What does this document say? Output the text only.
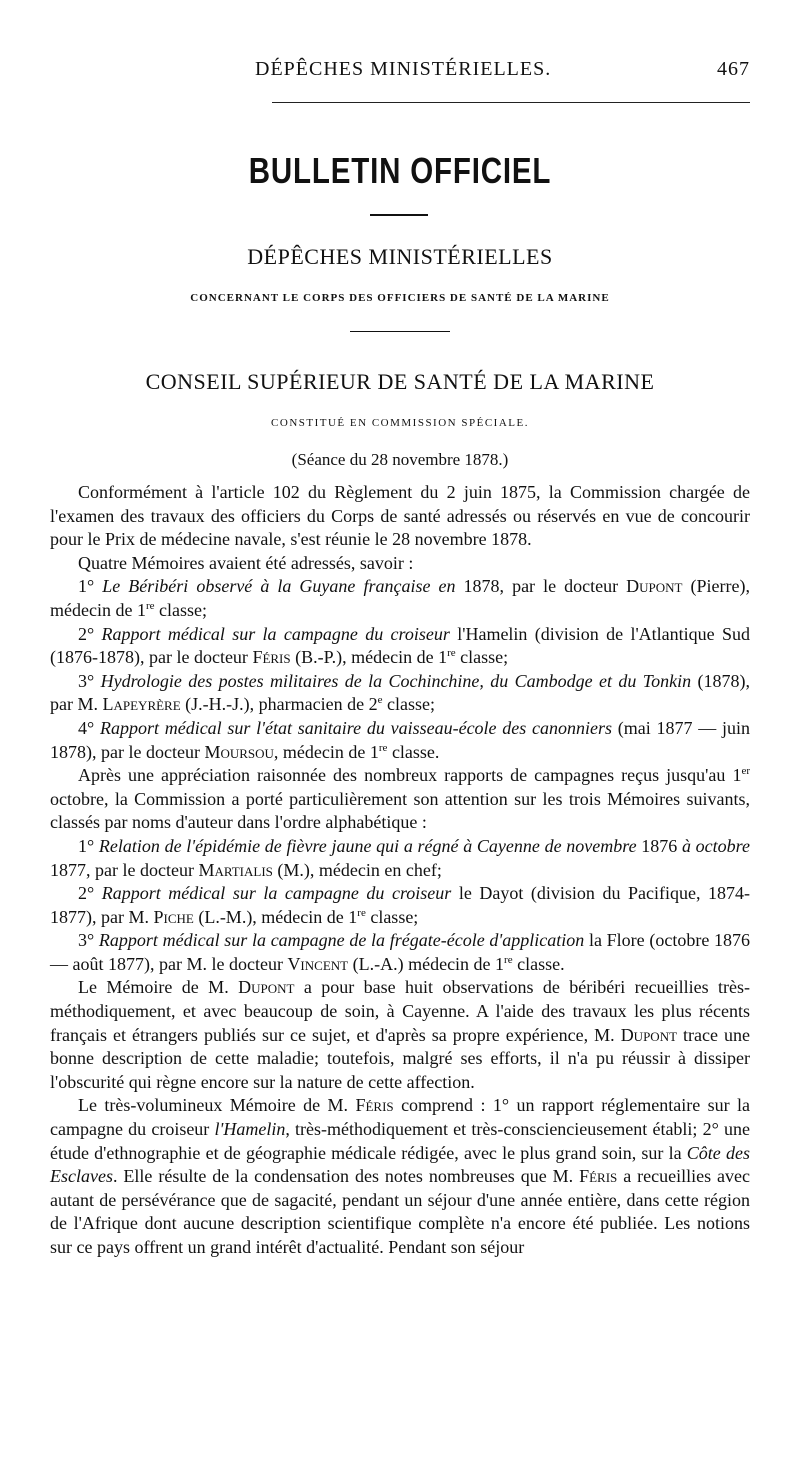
DÉPÊCHES MINISTÉRIELLES.	467
BULLETIN OFFICIEL
DÉPÊCHES MINISTÉRIELLES
CONCERNANT LE CORPS DES OFFICIERS DE SANTÉ DE LA MARINE
CONSEIL SUPÉRIEUR DE SANTÉ DE LA MARINE
CONSTITUÉ EN COMMISSION SPÉCIALE.
(Séance du 28 novembre 1878.)

Conformément à l'article 102 du Règlement du 2 juin 1875, la Commission chargée de l'examen des travaux des officiers du Corps de santé adressés ou réservés en vue de concourir pour le Prix de médecine navale, s'est réunie le 28 novembre 1878.

Quatre Mémoires avaient été adressés, savoir :

1° Le Béribéri observé à la Guyane française en 1878, par le docteur Dupont (Pierre), médecin de 1re classe;

2° Rapport médical sur la campagne du croiseur l'Hamelin (division de l'Atlantique Sud (1876-1878), par le docteur Féris (B.-P.), médecin de 1re classe;

3° Hydrologie des postes militaires de la Cochinchine, du Cambodge et du Tonkin (1878), par M. Lapeyrère (J.-H.-J.), pharmacien de 2e classe;

4° Rapport médical sur l'état sanitaire du vaisseau-école des canonniers (mai 1877 — juin 1878), par le docteur Moursou, médecin de 1re classe.

Après une appréciation raisonnée des nombreux rapports de campagnes reçus jusqu'au 1er octobre, la Commission a porté particulièrement son attention sur les trois Mémoires suivants, classés par noms d'auteur dans l'ordre alphabétique :

1° Relation de l'épidémie de fièvre jaune qui a régné à Cayenne de novembre 1876 à octobre 1877, par le docteur Martialis (M.), médecin en chef;

2° Rapport médical sur la campagne du croiseur le Dayot (division du Pacifique, 1874-1877), par M. Piche (L.-M.), médecin de 1re classe;

3° Rapport médical sur la campagne de la frégate-école d'application la Flore (octobre 1876 — août 1877), par M. le docteur Vincent (L.-A.) médecin de 1re classe.

Le Mémoire de M. Dupont a pour base huit observations de béribéri recueillies très-méthodiquement, et avec beaucoup de soin, à Cayenne. A l'aide des travaux les plus récents français et étrangers publiés sur ce sujet, et d'après sa propre expérience, M. Dupont trace une bonne description de cette maladie; toutefois, malgré ses efforts, il n'a pu réussir à dissiper l'obscurité qui règne encore sur la nature de cette affection.

Le très-volumineux Mémoire de M. Féris comprend : 1° un rapport réglementaire sur la campagne du croiseur l'Hamelin, très-méthodiquement et très-consciencieusement établi; 2° une étude d'ethnographie et de géographie médicale rédigée, avec le plus grand soin, sur la Côte des Esclaves. Elle résulte de la condensation des notes nombreuses que M. Féris a recueillies avec autant de persévérance que de sagacité, pendant un séjour d'une année entière, dans cette région de l'Afrique dont aucune description scientifique complète n'a encore été publiée. Les notions sur ce pays offrent un grand intérêt d'actualité. Pendant son séjour
